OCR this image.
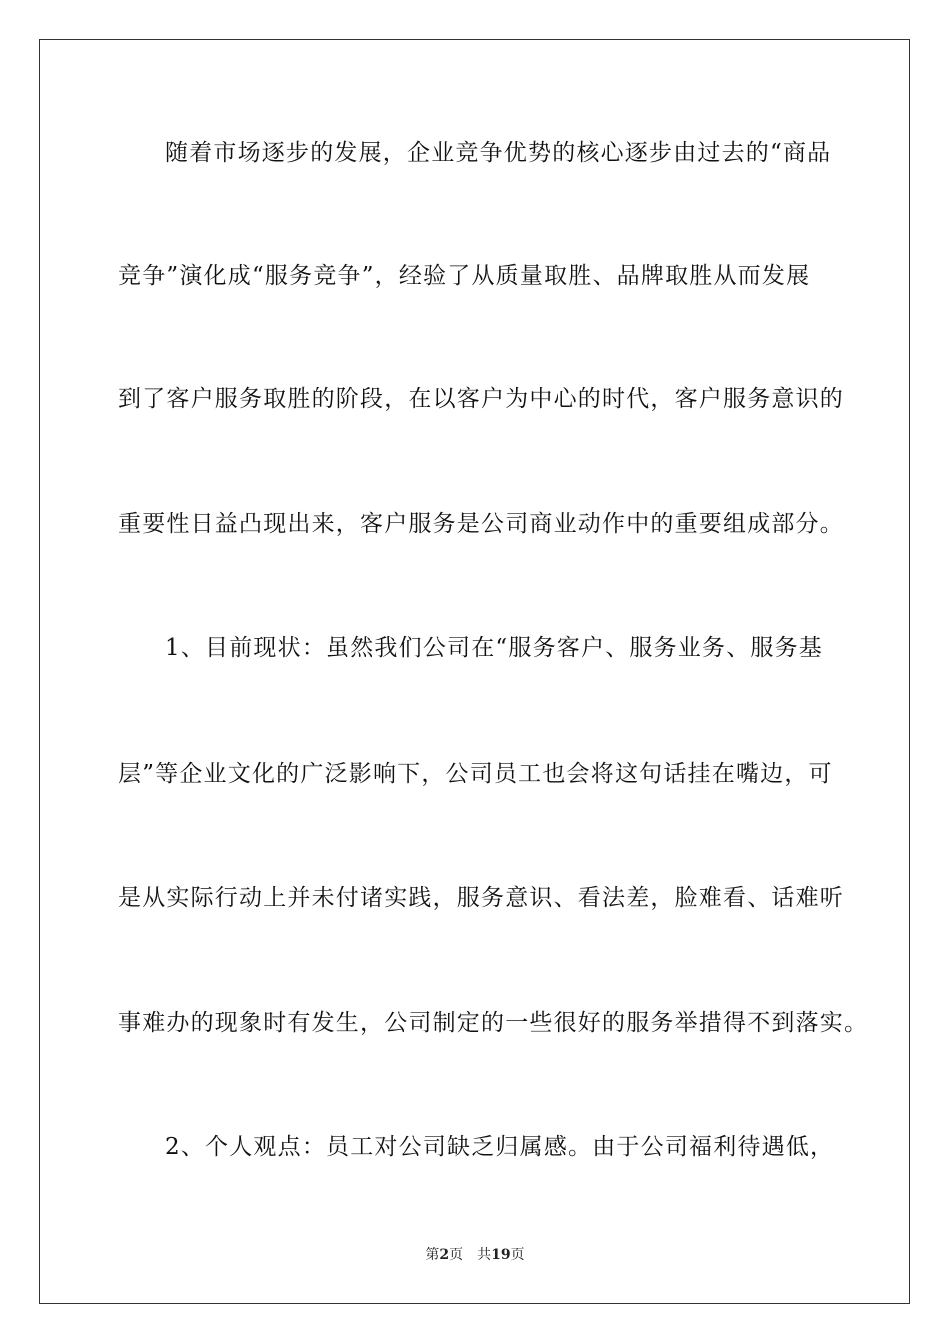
随着市场逐步的发展，企业竞争优势的核心逐步由过去的“商品
竞争”演化成“服务竞争”，经验了从质量取胜、品牌取胜从而发展
到了客户服务取胜的阶段，在以客户为中心的时代，客户服务意识的
重要性日益凸现出来，客户服务是公司商业动作中的重要组成部分。
1、目前现状：虽然我们公司在“服务客户、服务业务、服务基
层”等企业文化的广泛影响下，公司员工也会将这句话挂在嘴边，可
是从实际行动上并未付诸实践，服务意识、看法差，脸难看、话难听
事难办的现象时有发生，公司制定的一些很好的服务举措得不到落实。
2、个人观点：员工对公司缺乏归属感。由于公司福利待遇低，
第2页 共19页
